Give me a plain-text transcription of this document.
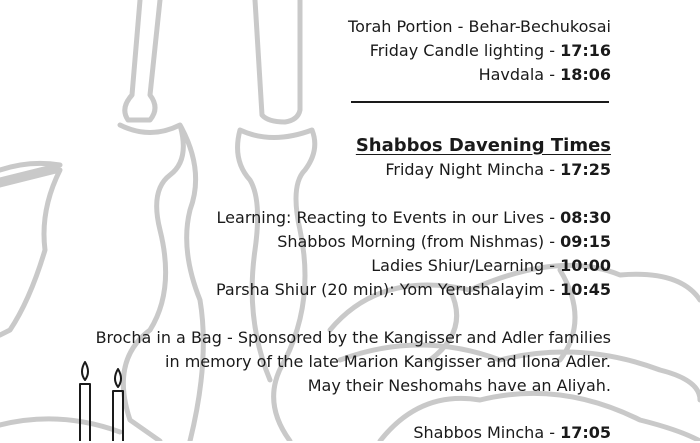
Torah Portion - Behar-Bechukosai
Friday Candle lighting - 17:16
Havdala - 18:06
Shabbos Davening Times
Friday Night Mincha - 17:25
Learning: Reacting to Events in our Lives - 08:30
Shabbos Morning (from Nishmas) - 09:15
Ladies Shiur/Learning - 10:00
Parsha Shiur (20 min): Yom Yerushalayim - 10:45
Brocha in a Bag - Sponsored by the Kangisser and Adler families
in memory of the late Marion Kangisser and Ilona Adler.
May their Neshomahs have an Aliyah.
Shabbos Mincha - 17:05
